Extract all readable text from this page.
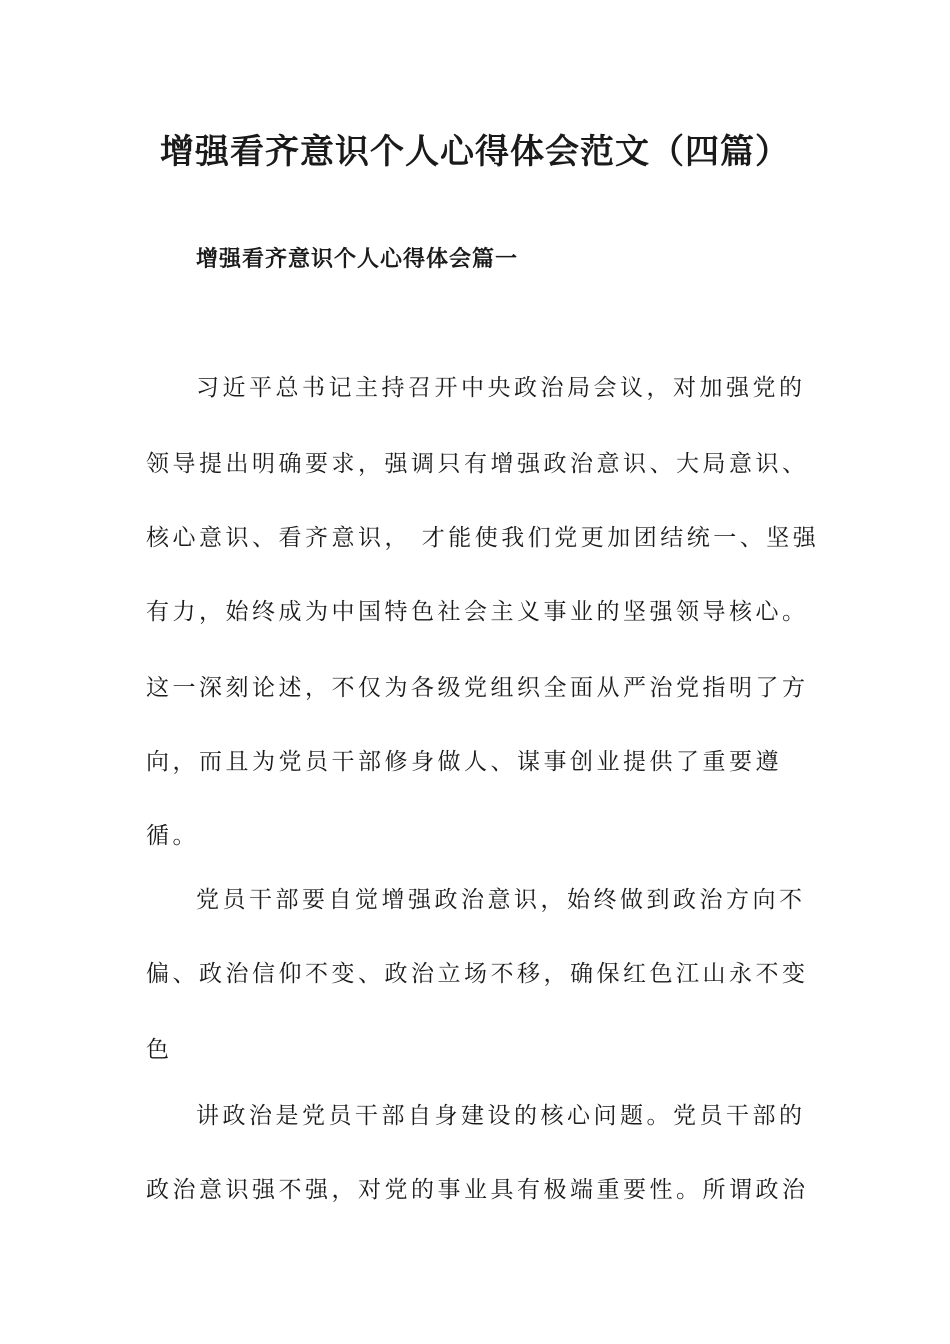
增强看齐意识个人心得体会范文（四篇）
增强看齐意识个人心得体会篇一

习近平总书记主持召开中央政治局会议，对加强党的

领导提出明确要求，强调只有增强政治意识、大局意识、

核心意识、看齐意识， 才能使我们党更加团结统一、坚强

有力，始终成为中国特色社会主义事业的坚强领导核心。

这一深刻论述，不仅为各级党组织全面从严治党指明了方

向，而且为党员干部修身做人、谋事创业提供了重要遵

循。

党员干部要自觉增强政治意识，始终做到政治方向不

偏、政治信仰不变、政治立场不移，确保红色江山永不变

色

讲政治是党员干部自身建设的核心问题。党员干部的

政治意识强不强，对党的事业具有极端重要性。所谓政治
